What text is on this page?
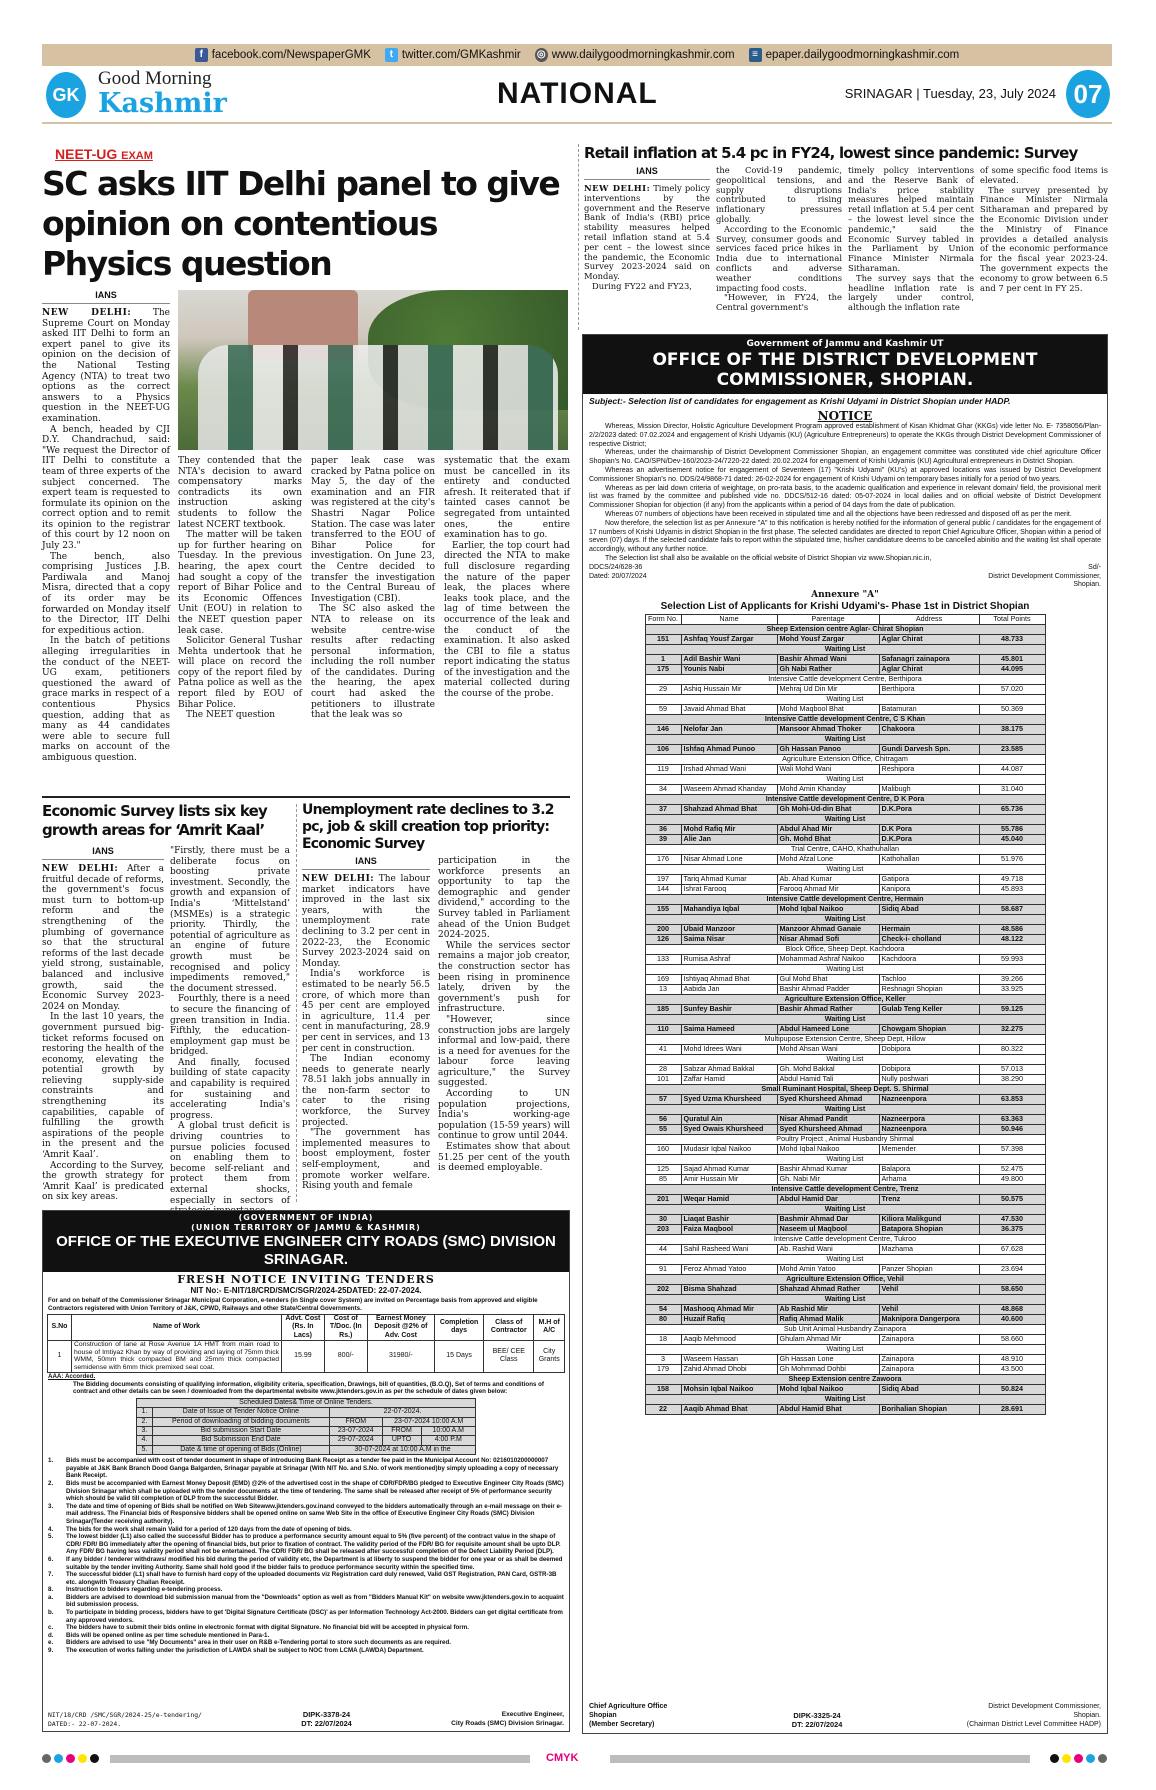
f facebook.com/NewspaperGMK	t twitter.com/GMKashmir ◎ www.dailygoodmorningkashmir.com	≡ epaper.dailygoodmorningkashmir.com
GK
Good Morning
Kashmir	NATIONAL	SRINAGAR | Tuesday, 23, July 2024 07
NEET-UG EXAM
SC asks IIT Delhi panel to give opinion on contentious Physics question
IANS

NEW DELHI: The Supreme Court on Monday asked IIT Delhi to form an expert panel to give its opinion on the decision of the National Testing Agency (NTA) to treat two options as the correct answers to a Physics question in the NEET-UG examination.

A bench, headed by CJI D.Y. Chandrachud, said: "We request the Director of IIT Delhi to constitute a team of three experts of the subject concerned. The expert team is requested to formulate its opinion on the correct option and to remit its opinion to the registrar of this court by 12 noon on July 23."

The bench, also comprising Justices J.B. Pardiwala and Manoj Misra, directed that a copy of its order may be forwarded on Monday itself to the Director, IIT Delhi for expeditious action.

In the batch of petitions alleging irregularities in the conduct of the NEET-UG exam, petitioners questioned the award of grace marks in respect of a contentious Physics question, adding that as many as 44 candidates were able to secure full marks on account of the ambiguous question.

They contended that the NTA's decision to award compensatory marks contradicts its own instruction asking students to follow the latest NCERT textbook.

The matter will be taken up for further hearing on Tuesday. In the previous hearing, the apex court had sought a copy of the report of Bihar Police and its Economic Offences Unit (EOU) in relation to the NEET question paper leak case.

Solicitor General Tushar Mehta undertook that he will place on record the copy of the report filed by Patna police as well as the report filed by EOU of Bihar Police.

The NEET question

paper leak case was cracked by Patna police on May 5, the day of the examination and an FIR was registered at the city's Shastri Nagar Police Station. The case was later transferred to the EOU of Bihar Police for investigation. On June 23, the Centre decided to transfer the investigation to the Central Bureau of Investigation (CBI).

The SC also asked the NTA to release on its website centre-wise results after redacting personal information, including the roll number of the candidates. During the hearing, the apex court had asked the petitioners to illustrate that the leak was so

systematic that the exam must be cancelled in its entirety and conducted afresh. It reiterated that if tainted cases cannot be segregated from untainted ones, the entire examination has to go.

Earlier, the top court had directed the NTA to make full disclosure regarding the nature of the paper leak, the places where leaks took place, and the lag of time between the occurrence of the leak and the conduct of the examination. It also asked the CBI to file a status report indicating the status of the investigation and the material collected during the course of the probe.

Economic Survey lists six key growth areas for ‘Amrit Kaal’
IANS

NEW DELHI: After a fruitful decade of reforms, the government's focus must turn to bottom-up reform and the strengthening of the plumbing of governance so that the structural reforms of the last decade yield strong, sustainable, balanced and inclusive growth, said the Economic Survey 2023-2024 on Monday.

In the last 10 years, the government pursued big-ticket reforms focused on restoring the health of the economy, elevating the potential growth by relieving supply-side constraints and strengthening its capabilities, capable of fulfilling the growth aspirations of the people in the present and the ‘Amrit Kaal’.

According to the Survey, the growth strategy for ‘Amrit Kaal’ is predicated on six key areas.

"Firstly, there must be a deliberate focus on boosting private investment. Secondly, the growth and expansion of India's ‘Mittelstand’ (MSMEs) is a strategic priority. Thirdly, the potential of agriculture as an engine of future growth must be recognised and policy impediments removed," the document stressed.

Fourthly, there is a need to secure the financing of green transition in India. Fifthly, the education-employment gap must be bridged.

And finally, focused building of state capacity and capability is required for sustaining and accelerating India's progress.

A global trust deficit is driving countries to pursue policies focused on enabling them to become self-reliant and protect them from external shocks, especially in sectors of

Unemployment rate declines to 3.2 pc, job & skill creation top priority: Economic Survey
IANS

NEW DELHI: The labour market indicators have improved in the last six years, with the unemployment rate declining to 3.2 per cent in 2022-23, the Economic Survey 2023-2024 said on Monday.

India's workforce is estimated to be nearly 56.5 crore, of which more than 45 per cent are employed in agriculture, 11.4 per cent in manufacturing, 28.9 per cent in services, and 13 per cent in construction.

The Indian economy needs to generate nearly 78.51 lakh jobs annually in the non-farm sector to cater to the rising workforce, the Survey projected.

"The government has implemented measures to boost employment, foster self-employment, and promote worker welfare. Rising youth and female

participation in the workforce presents an opportunity to tap the demographic and gender dividend," according to the Survey tabled in Parliament ahead of the Union Budget 2024-2025.

While the services sector remains a major job creator, the construction sector has been rising in prominence lately, driven by the government's push for infrastructure.

"However, since construction jobs are largely informal and low-paid, there is a need for avenues for the labour force leaving agriculture," the Survey suggested.

According to UN population projections, India's working-age population (15-59 years) will continue to grow until 2044.

Estimates show that about 51.25 per cent of the youth is deemed employable.

(GOVERNMENT OF INDIA)
(UNION TERRITORY OF JAMMU & KASHMIR)
OFFICE OF THE EXECUTIVE ENGINEER CITY ROADS (SMC) DIVISION SRINAGAR.
FRESH NOTICE INVITING TENDERS
NIT No:- E-NIT/18/CRD/SMC/SGR/2024-25DATED: 22-07-2024.
For and on behalf of the Commissioner Srinagar Municipal Corporation, e-tenders (in Single cover System) are invited on Percentage basis from approved and eligible Contractors registered with Union Territory of J&K, CPWD, Railways and other State/Central Governments.
S.No	Name of Work	Advt. Cost (Rs. In Lacs)	Cost of T/Doc. (In Rs.)	Earnest Money Deposit @2% of Adv. Cost	Completion days	Class of Contractor	M.H of A/C
1	Construction of lane at Rose Avenue 1A HMT from main road to house of Imtiyaz Khan by way of providing and laying of 75mm thick WMM, 50mm thick compacted BM and 25mm thick compacted semidense with 6mm thick premixed seal coat.	15.99	800/-	31980/-	15 Days	BEE/ CEE Class	City Grants
AAA: Accorded.
The Bidding documents consisting of qualifying information, eligibility criteria, specification, Drawings, bill of quantities, (B.O.Q), Set of terms and conditions of contract and other details can be seen / downloaded from the departmental website www.jktenders.gov.in as per the schedule of dates given below:
Scheduled Dates& Time of Online Tenders.				
1.	Date of Issue of Tender Notice Online	22-07-2024.		
2.	Period of downloading of bidding documents	FROM	23-07-2024 10:00 A.M	
3.	Bid submission Start Date	23-07-2024	FROM	10:00 A.M
4.	Bid Submission End Date	29-07-2024	UPTO	4:00 P.M
5.	Date & time of opening of Bids (Online)	30-07-2024 at 10:00 A.M in the		
1.	Bids must be accompanied with cost of tender document in shape of introducing Bank Receipt as a tender fee paid in the Municipal Account No: 0216010200000007 payable at J&K Bank Branch Dood Ganga Balgarden, Srinagar payable at Srinagar (With NIT No. and S.No. of work mentioned)by simply uploading a copy of necessary Bank Receipt.
2.	Bids must be accompanied with Earnest Money Deposit (EMD) @2% of the advertised cost in the shape of CDR/FDR/BG pledged to Executive Engineer City Roads (SMC) Division Srinagar which shall be uploaded with the tender documents at the time of tendering. The same shall be released after receipt of 5% of performance security which should be valid till completion of DLP from the successful Bidder.
3.	The date and time of opening of Bids shall be notified on Web Sitewww.jktenders.gov.inand conveyed to the bidders automatically through an e-mail message on their e-mail address. The Financial bids of Responsive bidders shall be opened online on same Web Site in the office of Executive Engineer City Roads (SMC) Division Srinagar(Tender receiving authority).
4.	The bids for the work shall remain Valid for a period of 120 days from the date of opening of bids.
5.	The lowest bidder (L1) also called the successful Bidder has to produce a performance security amount equal to 5% (five percent) of the contract value in the shape of CDR/ FDR/ BG immediately after the opening of financial bids, but prior to fixation of contract. The validity period of the FDR/ BG for requisite amount shall be upto DLP. Any FDR/ BG having less validity period shall not be entertained. The CDR/ FDR/ BG shall be released after successful completion of the Defect Liability Period (DLP).
6.	If any bidder / tenderer withdraws/ modified his bid during the period of validity etc, the Department is at liberty to suspend the bidder for one year or as shall be deemed suitable by the tender inviting Authority. Same shall hold good if the bidder fails to produce performance security within the specified time.
7.	The successful bidder (L1) shall have to furnish hard copy of the uploaded documents viz Registration card duly renewed, Valid GST Registration, PAN Card, GSTR-3B etc. alongwith Treasury Challan Receipt.
8.	Instruction to bidders regarding e-tendering process.
a.	Bidders are advised to download bid submission manual from the "Downloads" option as well as from "Bidders Manual Kit" on website www.jktenders.gov.in to acquaint bid submission process.
b.	To participate in bidding process, bidders have to get 'Digital Signature Certificate (DSC)' as per Information Technology Act-2000. Bidders can get digital certificate from any approved vendors.
c.	The bidders have to submit their bids online in electronic format with digital Signature. No financial bid will be accepted in physical form.
d.	Bids will be opened online as per time schedule mentioned in Para-1.
e.	Bidders are advised to use "My Documents" area in their user on R&B e-Tendering portal to store such documents as are required.
9.	The execution of works falling under the jurisdiction of LAWDA shall be subject to NOC from LCMA (LAWDA) Department.
NIT/18/CRD /SMC/SGR/2024-25/e-tendering/
DATED:- 22-07-2024.
DIPK-3378-24
DT: 22/07/2024
Executive Engineer,
City Roads (SMC) Division Srinagar.
Retail inflation at 5.4 pc in FY24, lowest since pandemic: Survey
IANS

NEW DELHI: Timely policy interventions by the government and the Reserve Bank of India's (RBI) price stability measures helped retail inflation stand at 5.4 per cent – the lowest since the pandemic, the Economic Survey 2023-2024 said on Monday.

During FY22 and FY23,

the Covid-19 pandemic, geopolitical tensions, and supply disruptions contributed to rising inflationary pressures globally.

According to the Economic Survey, consumer goods and services faced price hikes in India due to international conflicts and adverse weather conditions impacting food costs.

"However, in FY24, the Central government's

timely policy interventions and the Reserve Bank of India's price stability measures helped maintain retail inflation at 5.4 per cent – the lowest level since the pandemic," said the Economic Survey tabled in the Parliament by Union Finance Minister Nirmala Sitharaman.

The survey says that the headline inflation rate is largely under control, although the inflation rate

of some specific food items is elevated.

The survey presented by Finance Minister Nirmala Sitharaman and prepared by the Economic Division under the Ministry of Finance provides a detailed analysis of the economic performance for the fiscal year 2023-24. The government expects the economy to grow between 6.5 and 7 per cent in FY 25.

Government of Jammu and Kashmir UT
OFFICE OF THE DISTRICT DEVELOPMENT
COMMISSIONER, SHOPIAN.
Subject:- Selection list of candidates for engagement as Krishi Udyami in District Shopian under HADP.
NOTICE

Whereas, Mission Director, Holistic Agriculture Development Program approved establishment of Kisan Khidmat Ghar (KKGs) vide letter No. E- 7358056/Plan-2/2/2023 dated: 07.02.2024 and engagement of Krishi Udyamis (KU) (Agriculture Entrepreneurs) to operate the KKGs through District Development Commissioner of respective District;

Whereas, under the chairmanship of District Development Commissioner Shopian, an engagement committee was constituted vide chief agriculture Officer Shopian's No. CAO/SPN/Dev-160/2023-24/7220-22 dated: 20.02.2024 for engagement of Krishi Udyamis (KU) Agricultural entrepreneurs in District Shopian.

Whereas an advertisement notice for engagement of Seventeen (17) "Krishi Udyami" (KU's) at approved locations was issued by District Development Commissioner Shopian's no. DDS/24/9868-71 dated: 26-02-2024 for engagement of Krishi Udyami on temporary bases initially for a period of two years.

Whereas as per laid down criteria of weightage, on pro-rata basis, to the academic qualification and experience in relevant domain/ field, the provisional merit list was framed by the committee and published vide no. DDCS/512-16 dated: 05-07-2024 in local dailies and on official website of District Development Commissioner Shopian for objection (if any) from the applicants within a period of 04 days from the date of publication.

Whereas 07 numbers of objections have been received in stipulated time and all the objections have been redressed and disposed off as per the merit.

Now therefore, the selection list as per Annexure "A" to this notification is hereby notified for the information of general public / candidates for the engagement of 17 numbers of Krishi Udyamis in district Shopian in the first phase. The selected candidates are directed to report Chief Agriculture Officer, Shopian within a period of seven (07) days. If the selected candidate fails to report within the stipulated time, his/her candidature deems to be cancelled abinitio and the waiting list shall operate accordingly, without any further notice.

The Selection list shall also be available on the official website of District Shopian viz www.Shopian.nic.in,

DDCS/24/628-36
Dated: 20/07/2024
Sd/-
District Development Commissioner,
Shopian.
Annexure "A"
Selection List of Applicants for Krishi Udyami's- Phase 1st in District Shopian
Form No.	Name	Parentage	Address	Total Points
Sheep Extension centre Aglar- Chirat Shopian				
151	Ashfaq Yousf Zargar	Mohd Yousf Zargar	Aglar Chirat	48.733
Waiting List				
1	Adil Bashir Wani	Bashir Ahmad Wani	Safanagri zainapora	45.801
175	Younis Nabi	Gh Nabi Rather	Aglar Chirat	44.095
Intensive Cattle development Centre, Berthipora				
29	Ashiq Hussain Mir	Mehraj Ud Din Mir	Berthipora	57.020
Waiting List				
59	Javaid Ahmad Bhat	Mohd Maqbool Bhat	Batamuran	50.369
Intensive Cattle development Centre, C S Khan				
146	Nelofar Jan	Mansoor Ahmad Thoker	Chakoora	38.175
Waiting List				
106	Ishfaq Ahmad Punoo	Gh Hassan Panoo	Gundi Darvesh Spn.	23.585
Agriculture Extension Office, Chitragam				
119	Irshad Ahmad Wani	Wali Mohd Wani	Reshipora	44.087
Waiting List				
34	Waseem Ahmad Khanday	Mohd Amin Khanday	Malibugh	31.040
Intensive Cattle development Centre, D K Pora				
37	Shahzad Ahmad Bhat	Gh Mohi-Ud-din Bhat	D.K.Pora	65.736
Waiting List				
36	Mohd Rafiq Mir	Abdul Ahad Mir	D.K Pora	55.786
39	Alie Jan	Gh. Mohd Bhat	D.K.Pora	45.040
Trial Centre, CAHO, Khathuhallan				
176	Nisar Ahmad Lone	Mohd Afzal Lone	Kathohallan	51.976
Waiting List				
197	Tariq Ahmad Kumar	Ab. Ahad Kumar	Gatipora	49.718
144	Ishrat Farooq	Farooq Ahmad Mir	Kanipora	45.893
Intensive Cattle development Centre, Hermain				
155	Mahandiya Iqbal	Mohd Iqbal Naikoo	Sidiq Abad	58.687
Waiting List				
200	Ubaid Manzoor	Manzoor Ahmad Ganaie	Hermain	48.586
126	Saima Nisar	Nisar Ahmad Sofi	Check-i- cholland	48.122
Block Office, Sheep Dept. Kachdoora				
133	Rumisa Ashraf	Mohammad Ashraf Naikoo	Kachdoora	59.993
Waiting List				
169	Ishtiyaq Ahmad Bhat	Gul Mohd Bhat	Tachloo	39.266
13	Aabida Jan	Bashir Ahmad Padder	Reshnagri Shopian	33.925
Agriculture Extension Office, Keller				
185	Sunfey Bashir	Bashir Ahmad Rather	Gulab Teng Keller	59.125
Waiting List				
110	Saima Hameed	Abdul Hameed Lone	Chowgam Shopian	32.275
Multipupose Extension Centre, Sheep Dept, Hillow				
41	Mohd Idrees Wani	Mohd Ahsan Wani	Dobipora	80.322
Waiting List				
28	Sabzar Ahmad Bakkal	Gh. Mohd Bakkal	Dobipora	57.013
101	Zaffar Hamid	Abdul Hamid Tali	Nully poshwari	38.290
Small Ruminant Hospital, Sheep Dept. S. Shirmal				
57	Syed Uzma Khursheed	Syed Khursheed Ahmad	Nazneenpora	63.853
Waiting List				
56	Quratul Ain	Nisar Ahmad Pandit	Nazneerpora	63.363
55	Syed Owais Khursheed	Syed Khursheed Ahmad	Nazneenpora	50.946
Poultry Project , Animal Husbandry Shirmal				
160	Mudasir Iqbal Naikoo	Mohd Iqbal Naikoo	Memender	57.398
Waiting List				
125	Sajad Ahmad Kumar	Bashir Ahmad Kumar	Balapora	52.475
85	Amir Hussain Mir	Gh. Nabi Mir	Arhama	49.800
Intensive Cattle development Centre, Trenz				
201	Weqar Hamid	Abdul Hamid Dar	Trenz	50.575
Waiting List				
30	Liaqat Bashir	Bashmir Ahmad Dar	Kiliora Malikgund	47.530
203	Faiza Maqbool	Naseem ul Maqbool	Batapora Shopian	36.375
Intensive Cattle development Centre, Tukroo				
44	Sahil Rasheed Wani	Ab. Rashid Wani	Mazhama	67.628
Waiting List				
91	Feroz Ahmad Yatoo	Mohd Amin Yatoo	Panzer Shopian	23.694
Agriculture Extension Office, Vehil				
202	Bisma Shahzad	Shahzad Ahmad Rather	Vehil	58.650
Waiting List				
54	Mashooq Ahmad Mir	Ab Rashid Mir	Vehil	48.868
80	Huzaif Rafiq	Rafiq Ahmad Malik	Maknipora Dangerpora	40.600
Sub Unit Animal Husbandry Zainapora				
18	Aaqib Mehmood	Ghulam Ahmad Mir	Zainapora	58.660
Waiting List				
3	Waseem Hassan	Gh Hassan Lone	Zainapora	48.910
179	Zahid Ahmad Dhobi	Gh Mohmmad Dohbi	Zainapora	43.500
Sheep Extension centre Zawoora				
158	Mohsin Iqbal Naikoo	Mohd Iqbal Naikoo	Sidiq Abad	50.824
Waiting List				
22	Aaqib Ahmad Bhat	Abdul Hamid Bhat	Borihalian Shopian	28.691
Chief Agriculture Office
Shopian
(Member Secretary)
DIPK-3325-24
DT: 22/07/2024
District Development Commissioner,
Shopian.
(Chairman District Level Committee HADP)
CMYK
